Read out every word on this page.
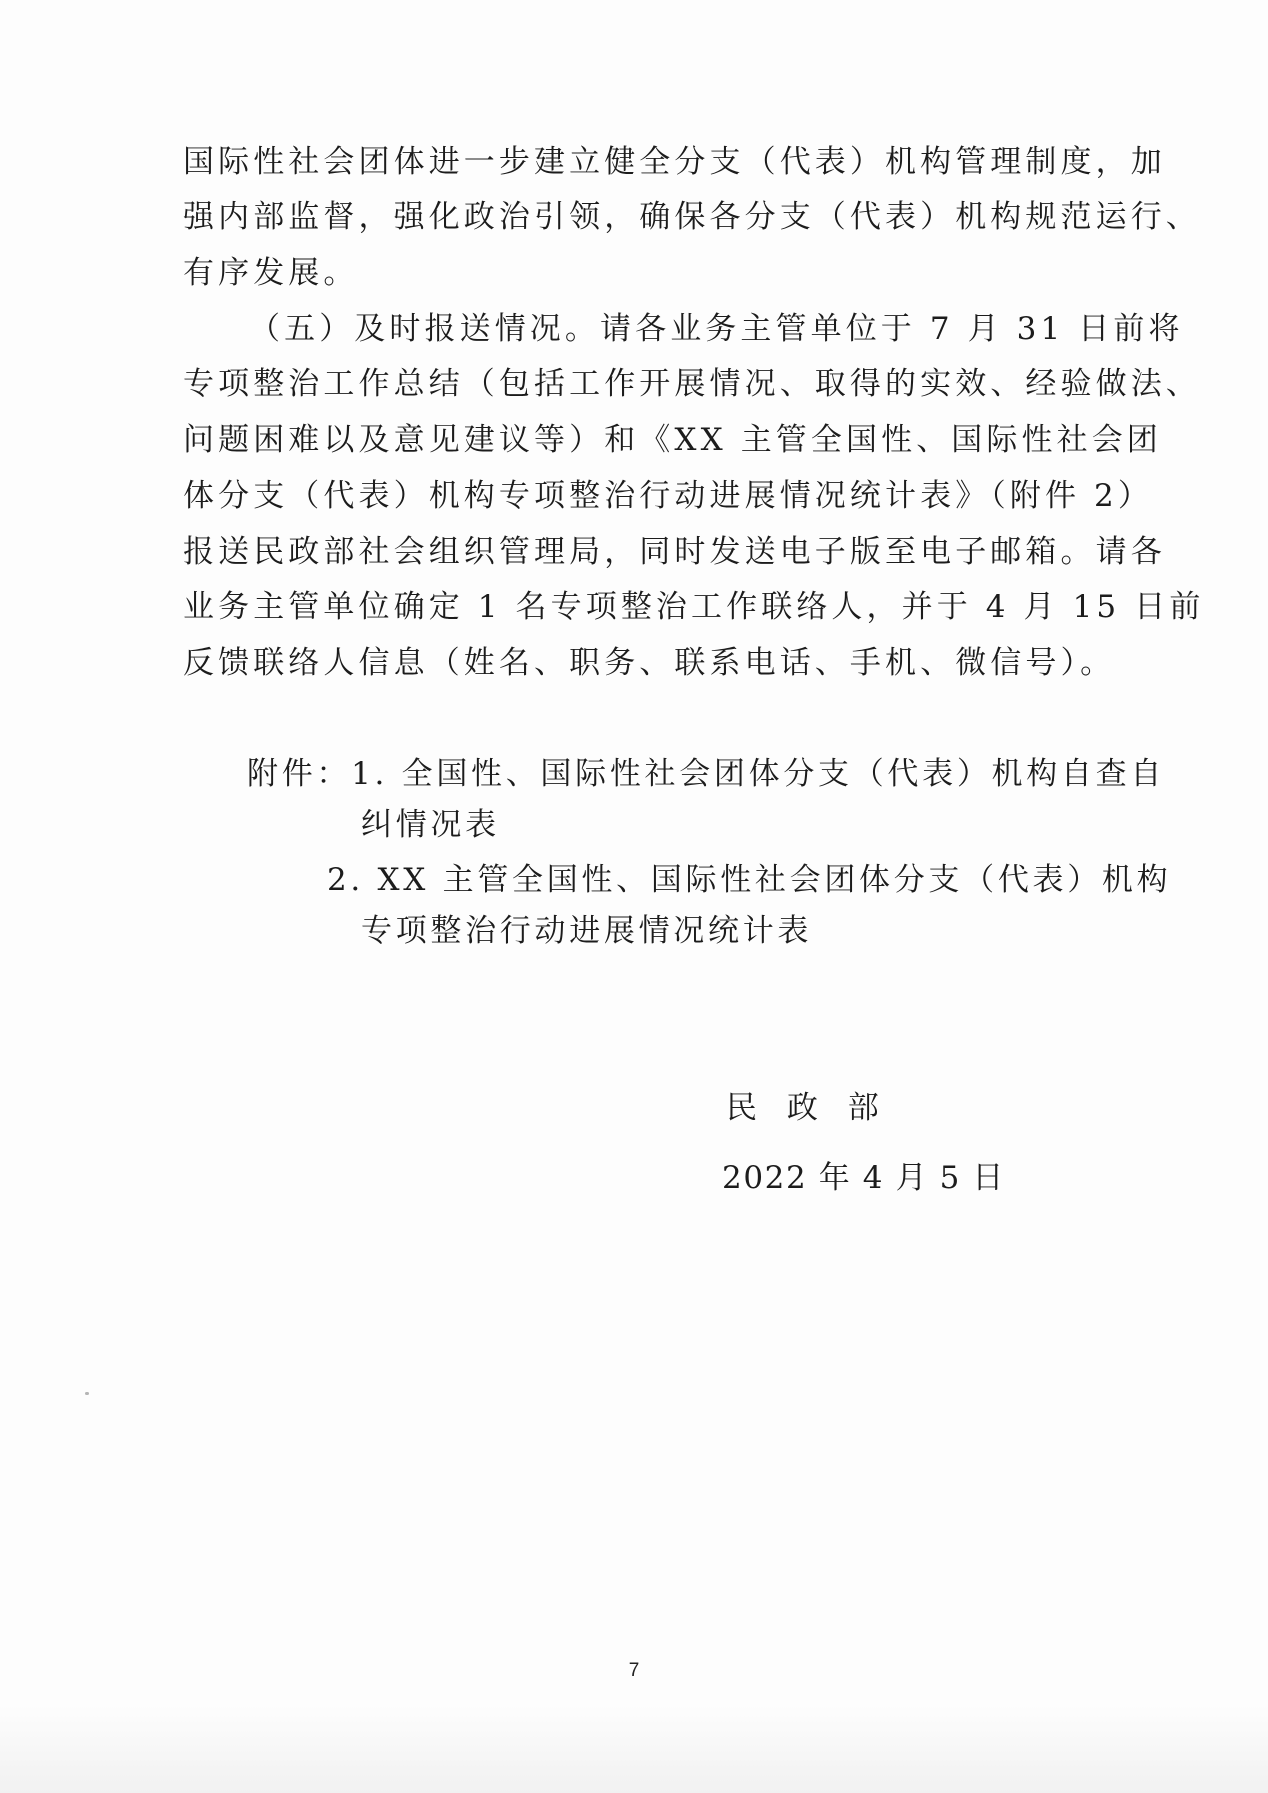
国际性社会团体进一步建立健全分支（代表）机构管理制度，加
强内部监督，强化政治引领，确保各分支（代表）机构规范运行、
有序发展。
（五）及时报送情况。请各业务主管单位于 7 月 31 日前将
专项整治工作总结（包括工作开展情况、取得的实效、经验做法、
问题困难以及意见建议等）和《XX 主管全国性、国际性社会团
体分支（代表）机构专项整治行动进展情况统计表》（附件 2）
报送民政部社会组织管理局，同时发送电子版至电子邮箱。请各
业务主管单位确定 1 名专项整治工作联络人，并于 4 月 15 日前
反馈联络人信息（姓名、职务、联系电话、手机、微信号）。
附件：1. 全国性、国际性社会团体分支（代表）机构自查自
纠情况表
2. XX 主管全国性、国际性社会团体分支（代表）机构
专项整治行动进展情况统计表
民 政 部
2022 年 4 月 5 日
7
